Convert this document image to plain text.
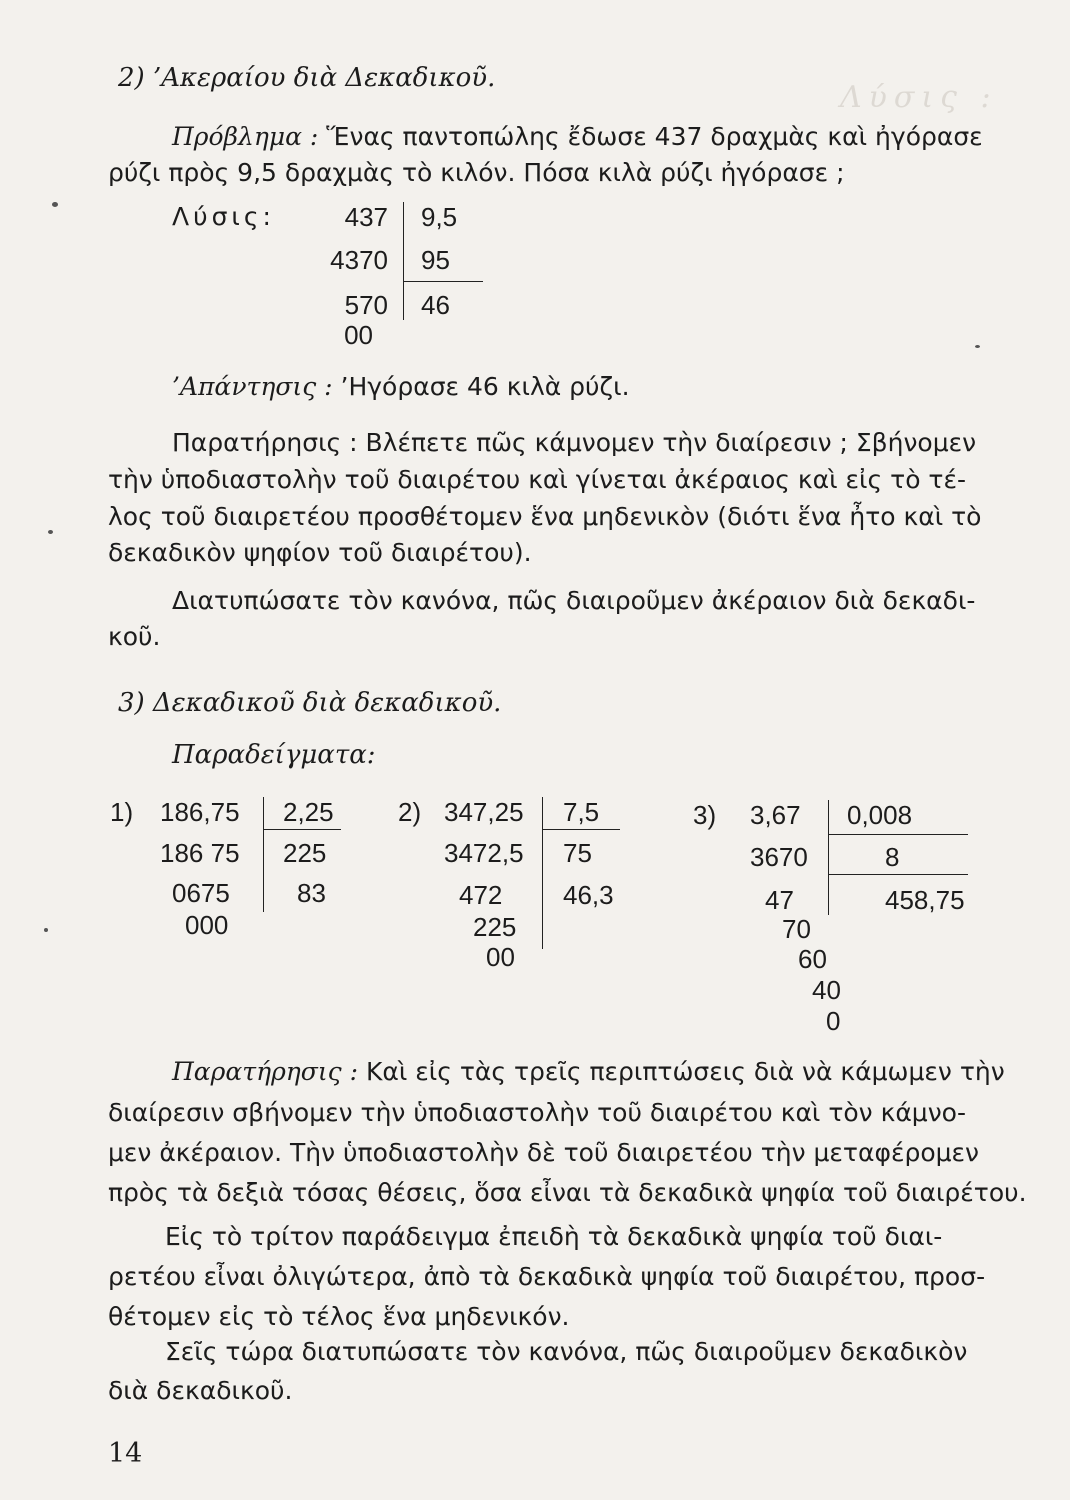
Λύσις :
2) ’Ακεραίου διὰ Δεκαδικοῦ.
Πρόβλημα : Ἕνας παντοπώλης ἔδωσε 437 δραχμὰς καὶ ἠγόρασε
ρύζι πρὸς 9,5 δραχμὰς τὸ κιλόν. Πόσα κιλὰ ρύζι ἠγόρασε ;
Λύσις:	437
4370
570
00
9,5
95
46
’Απάντησις : ’Ηγόρασε 46 κιλὰ ρύζι.
Παρατήρησις : Βλέπετε πῶς κάμνομεν τὴν διαίρεσιν ; Σβήνομεν
τὴν ὑποδιαστολὴν τοῦ διαιρέτου καὶ γίνεται ἀκέραιος καὶ εἰς τὸ τέ-
λος τοῦ διαιρετέου προσθέτομεν ἕνα μηδενικὸν (διότι ἕνα ἦτο καὶ τὸ
δεκαδικὸν ψηφίον τοῦ διαιρέτου).
Διατυπώσατε τὸν κανόνα, πῶς διαιροῦμεν ἀκέραιον διὰ δεκαδι-
κοῦ.
3) Δεκαδικοῦ διὰ δεκαδικοῦ.
Παραδείγματα:
1) 186,75
186 75
0675
000
2,25
225
83
2) 347,25
3472,5
472
225
00
7,5
75
46,3
3) 3,67
3670
47
70
60
40
0
0,008
8
458,75
Παρατήρησις : Καὶ εἰς τὰς τρεῖς περιπτώσεις διὰ νὰ κάμωμεν τὴν
διαίρεσιν σβήνομεν τὴν ὑποδιαστολὴν τοῦ διαιρέτου καὶ τὸν κάμνο-
μεν ἀκέραιον. Τὴν ὑποδιαστολὴν δὲ τοῦ διαιρετέου τὴν μεταφέρομεν
πρὸς τὰ δεξιὰ τόσας θέσεις, ὅσα εἶναι τὰ δεκαδικὰ ψηφία τοῦ διαιρέτου.
Εἰς τὸ τρίτον παράδειγμα ἐπειδὴ τὰ δεκαδικὰ ψηφία τοῦ διαι-
ρετέου εἶναι ὀλιγώτερα, ἀπὸ τὰ δεκαδικὰ ψηφία τοῦ διαιρέτου, προσ-
θέτομεν εἰς τὸ τέλος ἕνα μηδενικόν.
Σεῖς τώρα διατυπώσατε τὸν κανόνα, πῶς διαιροῦμεν δεκαδικὸν
διὰ δεκαδικοῦ.
14
